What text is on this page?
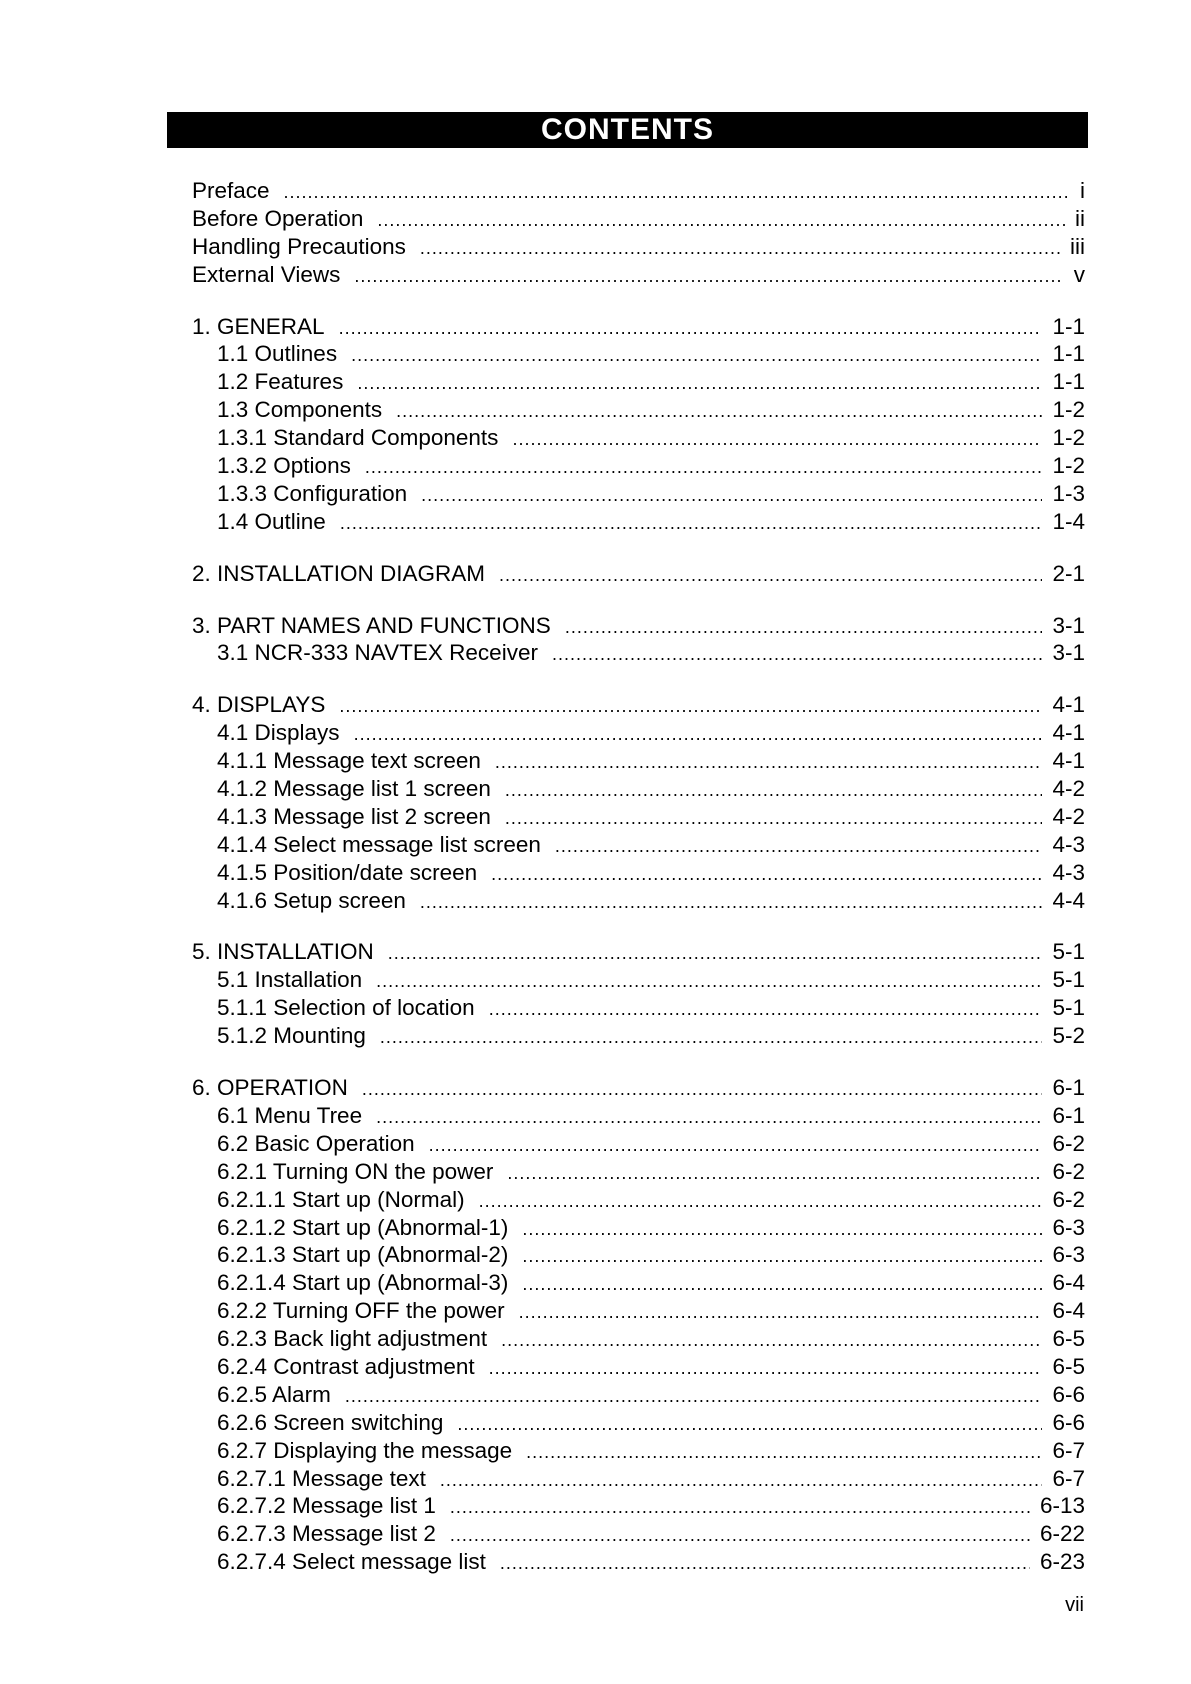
CONTENTS
Preface .....	i
Before Operation .....	ii
Handling Precautions .....	iii
External Views .....	v
1. GENERAL .....	1-1
1.1 Outlines .....	1-1
1.2 Features .....	1-1
1.3 Components .....	1-2
1.3.1 Standard Components .....	1-2
1.3.2 Options .....	1-2
1.3.3 Configuration .....	1-3
1.4 Outline .....	1-4
2. INSTALLATION DIAGRAM .....	2-1
3. PART NAMES AND FUNCTIONS .....	3-1
3.1 NCR-333 NAVTEX Receiver .....	3-1
4. DISPLAYS .....	4-1
4.1 Displays .....	4-1
4.1.1 Message text screen .....	4-1
4.1.2 Message list 1 screen .....	4-2
4.1.3 Message list 2 screen .....	4-2
4.1.4 Select message list screen .....	4-3
4.1.5 Position/date screen .....	4-3
4.1.6 Setup screen .....	4-4
5. INSTALLATION .....	5-1
5.1 Installation .....	5-1
5.1.1 Selection of location .....	5-1
5.1.2 Mounting .....	5-2
6. OPERATION .....	6-1
6.1 Menu Tree .....	6-1
6.2 Basic Operation .....	6-2
6.2.1 Turning ON the power .....	6-2
6.2.1.1 Start up (Normal) .....	6-2
6.2.1.2 Start up (Abnormal-1) .....	6-3
6.2.1.3 Start up (Abnormal-2) .....	6-3
6.2.1.4 Start up (Abnormal-3) .....	6-4
6.2.2 Turning OFF the power .....	6-4
6.2.3 Back light adjustment .....	6-5
6.2.4 Contrast adjustment .....	6-5
6.2.5 Alarm .....	6-6
6.2.6 Screen switching .....	6-6
6.2.7 Displaying the message .....	6-7
6.2.7.1 Message text .....	6-7
6.2.7.2 Message list 1 .....	6-13
6.2.7.3 Message list 2 .....	6-22
6.2.7.4 Select message list .....	6-23
vii
